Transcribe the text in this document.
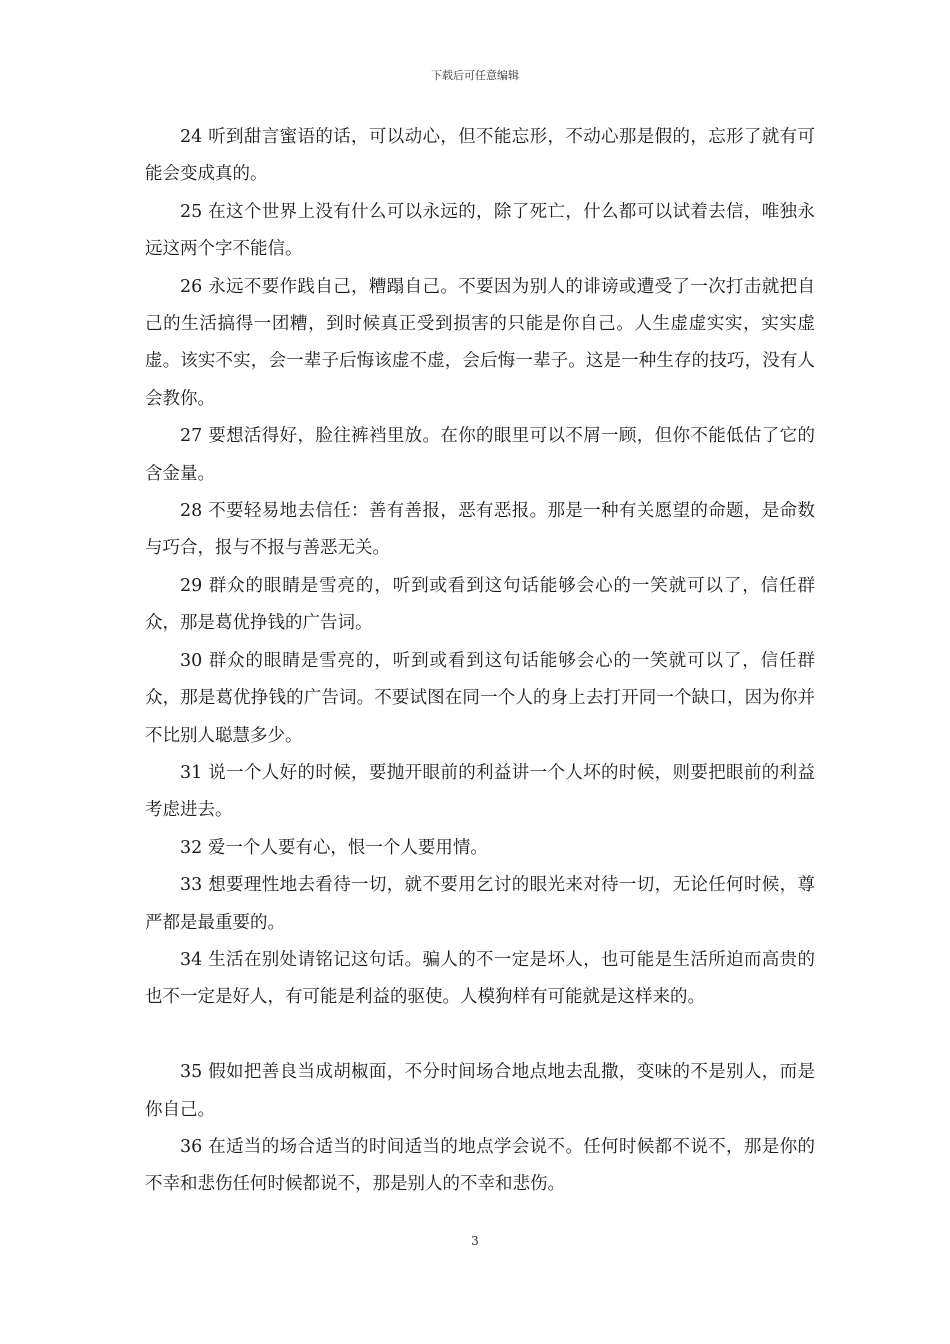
下载后可任意编辑

24 听到甜言蜜语的话，可以动心，但不能忘形，不动心那是假的，忘形了就有可能会变成真的。

25 在这个世界上没有什么可以永远的，除了死亡，什么都可以试着去信，唯独永远这两个字不能信。

26 永远不要作践自己，糟蹋自己。不要因为别人的诽谤或遭受了一次打击就把自己的生活搞得一团糟，到时候真正受到损害的只能是你自己。人生虚虚实实，实实虚虚。该实不实，会一辈子后悔该虚不虚，会后悔一辈子。这是一种生存的技巧，没有人会教你。

27 要想活得好，脸往裤裆里放。在你的眼里可以不屑一顾，但你不能低估了它的含金量。

28 不要轻易地去信任：善有善报，恶有恶报。那是一种有关愿望的命题，是命数与巧合，报与不报与善恶无关。

29 群众的眼睛是雪亮的，听到或看到这句话能够会心的一笑就可以了，信任群众，那是葛优挣钱的广告词。

30 群众的眼睛是雪亮的，听到或看到这句话能够会心的一笑就可以了，信任群众，那是葛优挣钱的广告词。不要试图在同一个人的身上去打开同一个缺口，因为你并不比别人聪慧多少。

31 说一个人好的时候，要抛开眼前的利益讲一个人坏的时候，则要把眼前的利益考虑进去。

32 爱一个人要有心，恨一个人要用情。

33 想要理性地去看待一切，就不要用乞讨的眼光来对待一切，无论任何时候，尊严都是最重要的。

34 生活在别处请铭记这句话。骗人的不一定是坏人，也可能是生活所迫而高贵的也不一定是好人，有可能是利益的驱使。人模狗样有可能就是这样来的。

35 假如把善良当成胡椒面，不分时间场合地点地去乱撒，变味的不是别人，而是你自己。

36 在适当的场合适当的时间适当的地点学会说不。任何时候都不说不，那是你的不幸和悲伤任何时候都说不，那是别人的不幸和悲伤。

3
